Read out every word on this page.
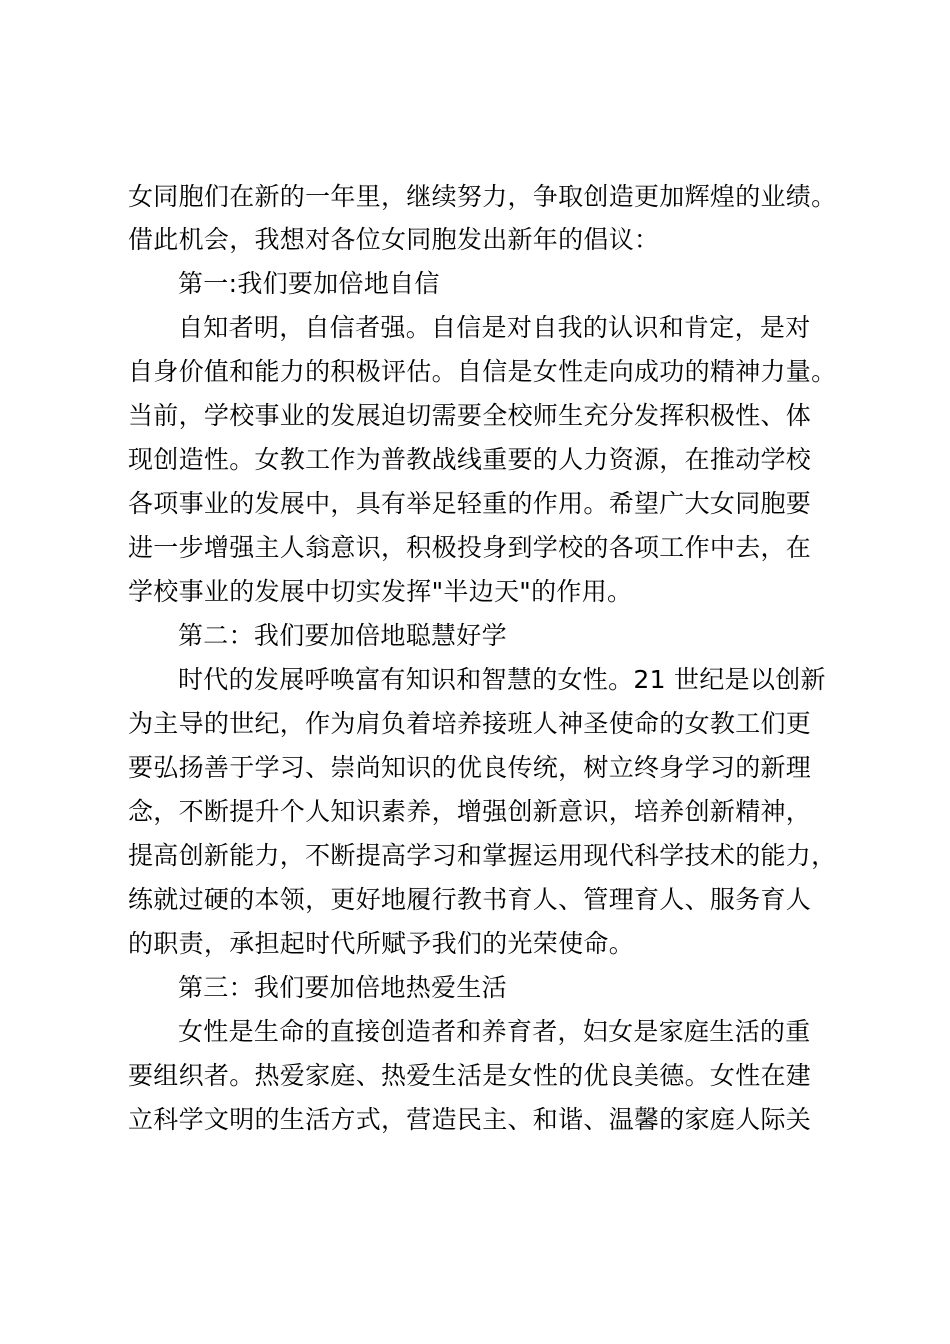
女同胞们在新的一年里，继续努力，争取创造更加辉煌的业绩。
借此机会，我想对各位女同胞发出新年的倡议：
第一:我们要加倍地自信
自知者明，自信者强。自信是对自我的认识和肯定，是对
自身价值和能力的积极评估。自信是女性走向成功的精神力量。
当前，学校事业的发展迫切需要全校师生充分发挥积极性、体
现创造性。女教工作为普教战线重要的人力资源，在推动学校
各项事业的发展中，具有举足轻重的作用。希望广大女同胞要
进一步增强主人翁意识，积极投身到学校的各项工作中去，在
学校事业的发展中切实发挥"半边天"的作用。
第二：我们要加倍地聪慧好学
时代的发展呼唤富有知识和智慧的女性。21 世纪是以创新
为主导的世纪，作为肩负着培养接班人神圣使命的女教工们更
要弘扬善于学习、崇尚知识的优良传统，树立终身学习的新理
念，不断提升个人知识素养，增强创新意识，培养创新精神，
提高创新能力，不断提高学习和掌握运用现代科学技术的能力，
练就过硬的本领，更好地履行教书育人、管理育人、服务育人
的职责，承担起时代所赋予我们的光荣使命。
第三：我们要加倍地热爱生活
女性是生命的直接创造者和养育者，妇女是家庭生活的重
要组织者。热爱家庭、热爱生活是女性的优良美德。女性在建
立科学文明的生活方式，营造民主、和谐、温馨的家庭人际关
